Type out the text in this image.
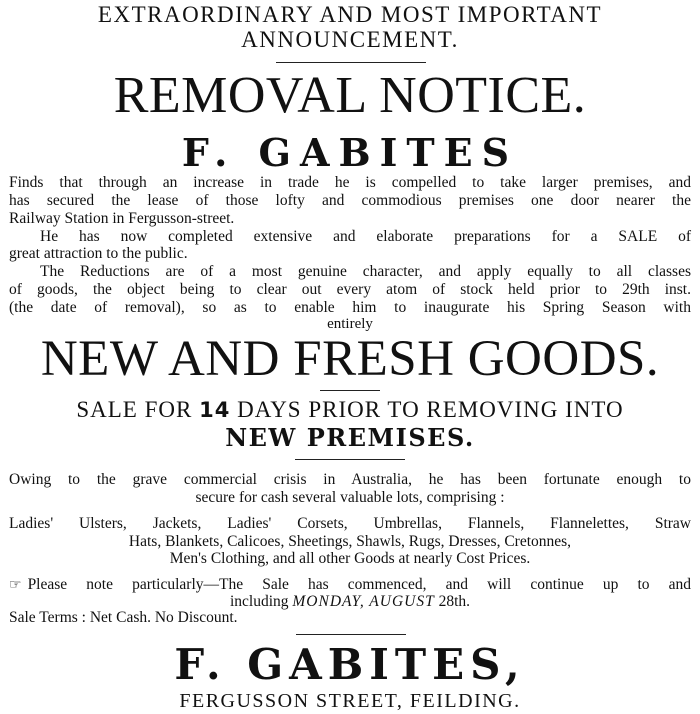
EXTRAORDINARY AND MOST IMPORTANT
ANNOUNCEMENT.
REMOVAL NOTICE.
F. GABITES
Finds that through an increase in trade he is compelled to take larger premises, and
has secured the lease of those lofty and commodious premises one door nearer the
Railway Station in Fergusson-street.
He has now completed extensive and elaborate preparations for a SALE of
great attraction to the public.
The Reductions are of a most genuine character, and apply equally to all classes
of goods, the object being to clear out every atom of stock held prior to 29th inst.
(the date of removal), so as to enable him to inaugurate his Spring Season with
entirely
NEW AND FRESH GOODS.
SALE FOR 14 DAYS PRIOR TO REMOVING INTO
NEW PREMISES.
Owing to the grave commercial crisis in Australia, he has been fortunate enough to
secure for cash several valuable lots, comprising :
Ladies' Ulsters, Jackets, Ladies' Corsets, Umbrellas, Flannels, Flannelettes, Straw
Hats, Blankets, Calicoes, Sheetings, Shawls, Rugs, Dresses, Cretonnes,
Men's Clothing, and all other Goods at nearly Cost Prices.
☞ Please note particularly—The Sale has commenced, and will continue up to and
including MONDAY, AUGUST 28th.
Sale Terms : Net Cash. No Discount.
F. GABITES,
FERGUSSON STREET, FEILDING.
